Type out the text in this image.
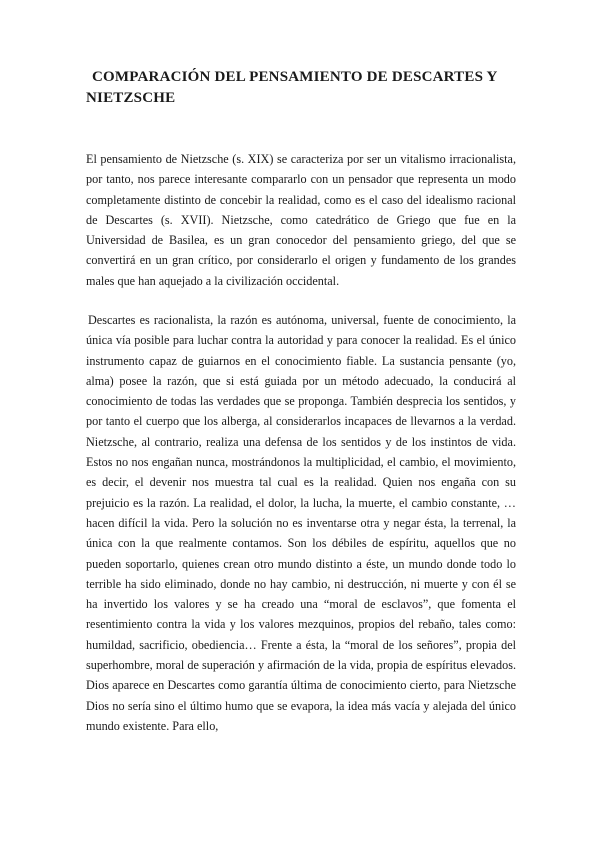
COMPARACIÓN DEL PENSAMIENTO DE DESCARTES Y NIETZSCHE

El pensamiento de Nietzsche (s. XIX) se caracteriza por ser un vitalismo irracionalista, por tanto, nos parece interesante compararlo con un pensador que representa un modo completamente distinto de concebir la realidad, como es el caso del idealismo racional de Descartes (s. XVII). Nietzsche, como catedrático de Griego que fue en la Universidad de Basilea, es un gran conocedor del pensamiento griego, del que se convertirá en un gran crítico, por considerarlo el origen y fundamento de los grandes males que han aquejado a la civilización occidental.

Descartes es racionalista, la razón es autónoma, universal, fuente de conocimiento, la única vía posible para luchar contra la autoridad y para conocer la realidad. Es el único instrumento capaz de guiarnos en el conocimiento fiable. La sustancia pensante (yo, alma) posee la razón, que si está guiada por un método adecuado, la conducirá al conocimiento de todas las verdades que se proponga. También desprecia los sentidos, y por tanto el cuerpo que los alberga, al considerarlos incapaces de llevarnos a la verdad. Nietzsche, al contrario, realiza una defensa de los sentidos y de los instintos de vida. Estos no nos engañan nunca, mostrándonos la multiplicidad, el cambio, el movimiento, es decir, el devenir nos muestra tal cual es la realidad. Quien nos engaña con su prejuicio es la razón. La realidad, el dolor, la lucha, la muerte, el cambio constante, … hacen difícil la vida. Pero la solución no es inventarse otra y negar ésta, la terrenal, la única con la que realmente contamos. Son los débiles de espíritu, aquellos que no pueden soportarlo, quienes crean otro mundo distinto a éste, un mundo donde todo lo terrible ha sido eliminado, donde no hay cambio, ni destrucción, ni muerte y con él se ha invertido los valores y se ha creado una “moral de esclavos”, que fomenta el resentimiento contra la vida y los valores mezquinos, propios del rebaño, tales como: humildad, sacrificio, obediencia… Frente a ésta, la “moral de los señores”, propia del superhombre, moral de superación y afirmación de la vida, propia de espíritus elevados. Dios aparece en Descartes como garantía última de conocimiento cierto, para Nietzsche Dios no sería sino el último humo que se evapora, la idea más vacía y alejada del único mundo existente. Para ello,
